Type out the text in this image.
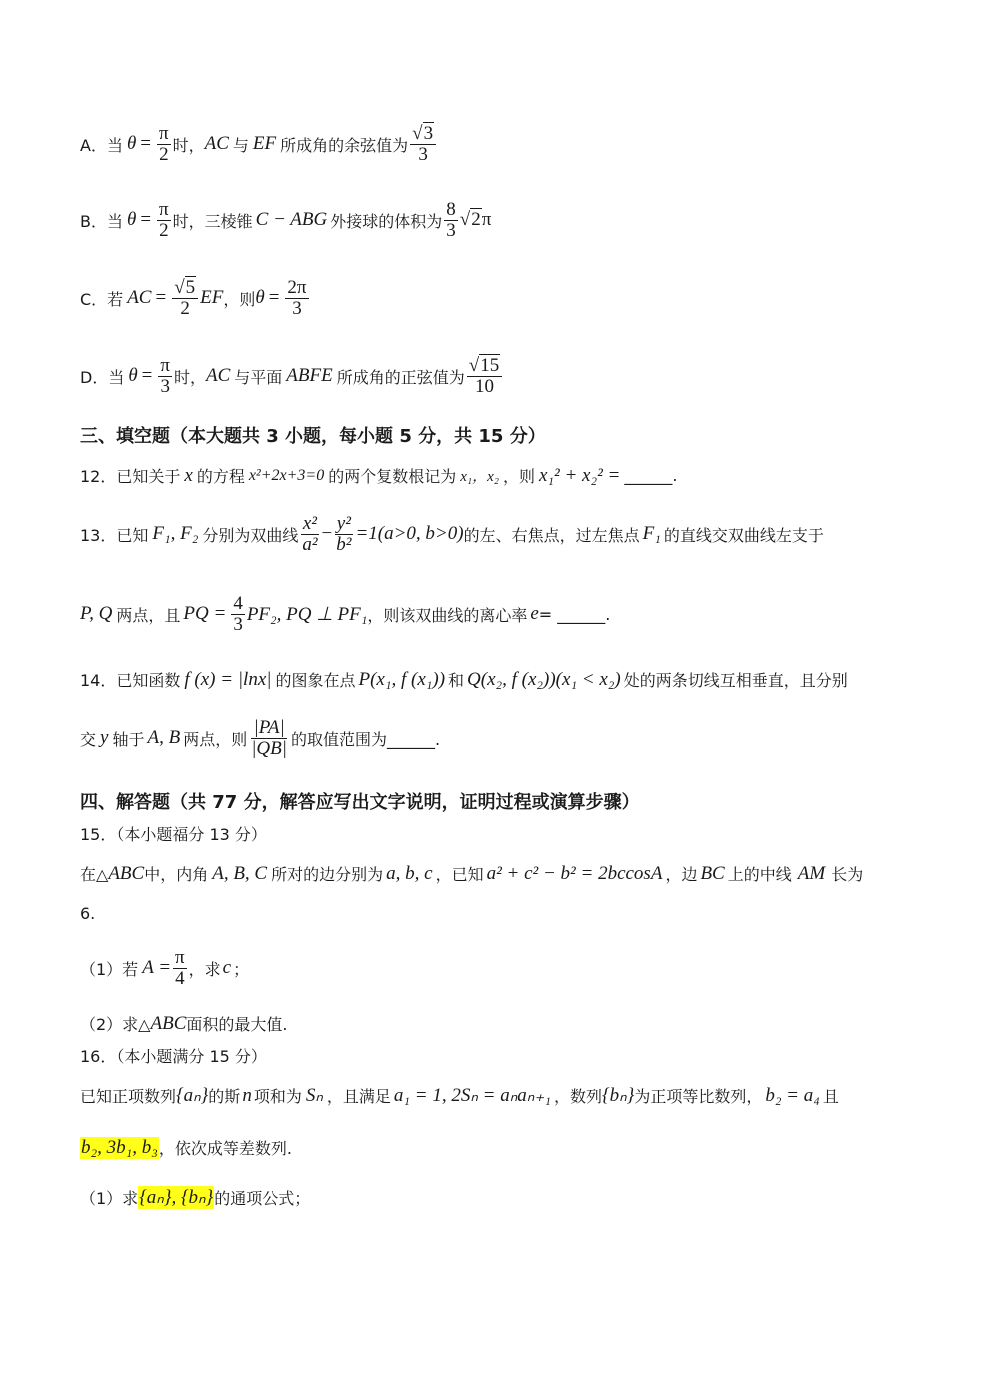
A．当 $\theta = \frac{\pi}{2}$ 时， AC 与 EF 所成角的余弦值为 $\frac{√3}{3}$
B．当 $\theta = \frac{\pi}{2}$ 时，三棱锥 C − ABG 外接球的体积为 $\frac{8}{3} √2$ π
C．若 AC = $\frac{√5}{2}$ EF ，则 $\theta = \frac{2\pi}{3}$
D．当 $\theta = \frac{\pi}{3}$ 时， AC 与平面 ABFE 所成角的正弦值为 $\frac{√15}{10}$
三、填空题（本大题共 3 小题，每小题 5 分，共 15 分）
12．已知关于 x 的方程 x²+2x+3=0 的两个复数根记为 x₁，x₂ ，则 x₁² + x₂² = ______.
13．已知 F₁, F₂ 分别为双曲线 $\frac{\text{x²}}{\text{a²}} - \frac{\text{y²}}{\text{b²}} =1(a>0$, b>0) 的左、右焦点，过左焦点 F₁ 的直线交双曲线左支于
P, Q 两点，且 PQ = $\frac{4}{3} PF_2$, PQ ⊥ PF₁ ，则该双曲线的离心率 e = ______.
14．已知函数 f (x) = |lnx| 的图象在点 P(x₁, f (x₁)) 和 Q(x₂, f (x₂))(x₁ < x₂) 处的两条切线互相垂直，且分别
交 y 轴于 A, B 两点，则 $\frac{|PA|}{|QB|}$ 的取值范围为______.
四、解答题（共 77 分，解答应写出文字说明，证明过程或演算步骤）
15．（本小题福分 13 分）
在△ ABC 中，内角 A, B, C 所对的边分别为 a, b, c ，已知 a² + c² − b² = 2bccosA ，边 BC 上的中线 AM 长为
6.
（1）若 $A = \frac{\pi}{4}$ ，求 c ；
（2）求△ ABC 面积的最大值.
16．（本小题满分 15 分）
已知正项数列 {aₙ} 的斯 n 项和为 Sₙ ，且满足 a₁ = 1, 2Sₙ = aₙaₙ₊₁ ，数列 {bₙ} 为正项等比数列， b₂ = a₄ 且
b₂, 3b₁, b₃ ，依次成等差数列.
（1）求 {aₙ}, {bₙ} 的通项公式；
